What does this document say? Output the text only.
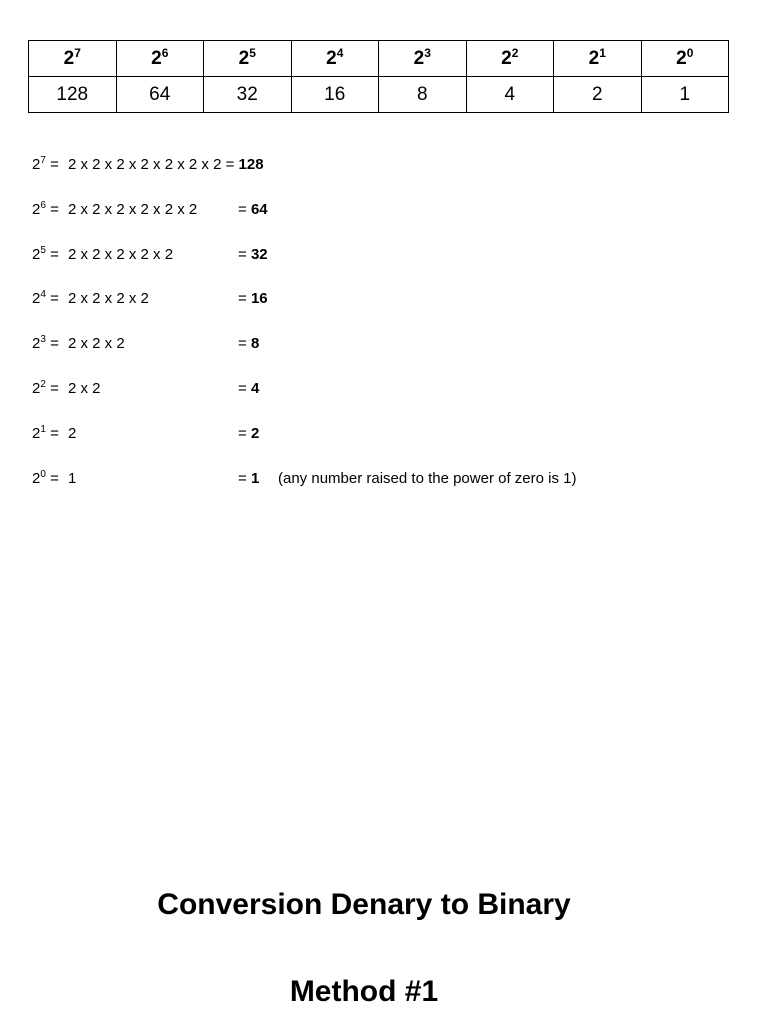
$2^7$	$2^6$	$2^5$	$2^4$	$2^3$	$2^2$	$2^1$	$2^0$
128	64	32	16	8	4	2	1
$2^7 = 2$ x 2 x 2 x 2 x 2 x 2 x 2 = 128
$2^6 = 2$ x 2 x 2 x 2 x 2 x 2	= 64
$2^5 = 2$ x 2 x 2 x 2 x 2	= 32
$2^4 = 2$ x 2 x 2 x 2	= 16
$2^3 = 2$ x 2 x 2	= 8
$2^2 = 2$ x 2	= 4
$2^1 = 2$	= 2
$2^0 = 1$	= 1 (any number raised to the power of zero is 1)
Conversion Denary to Binary
Method #1
